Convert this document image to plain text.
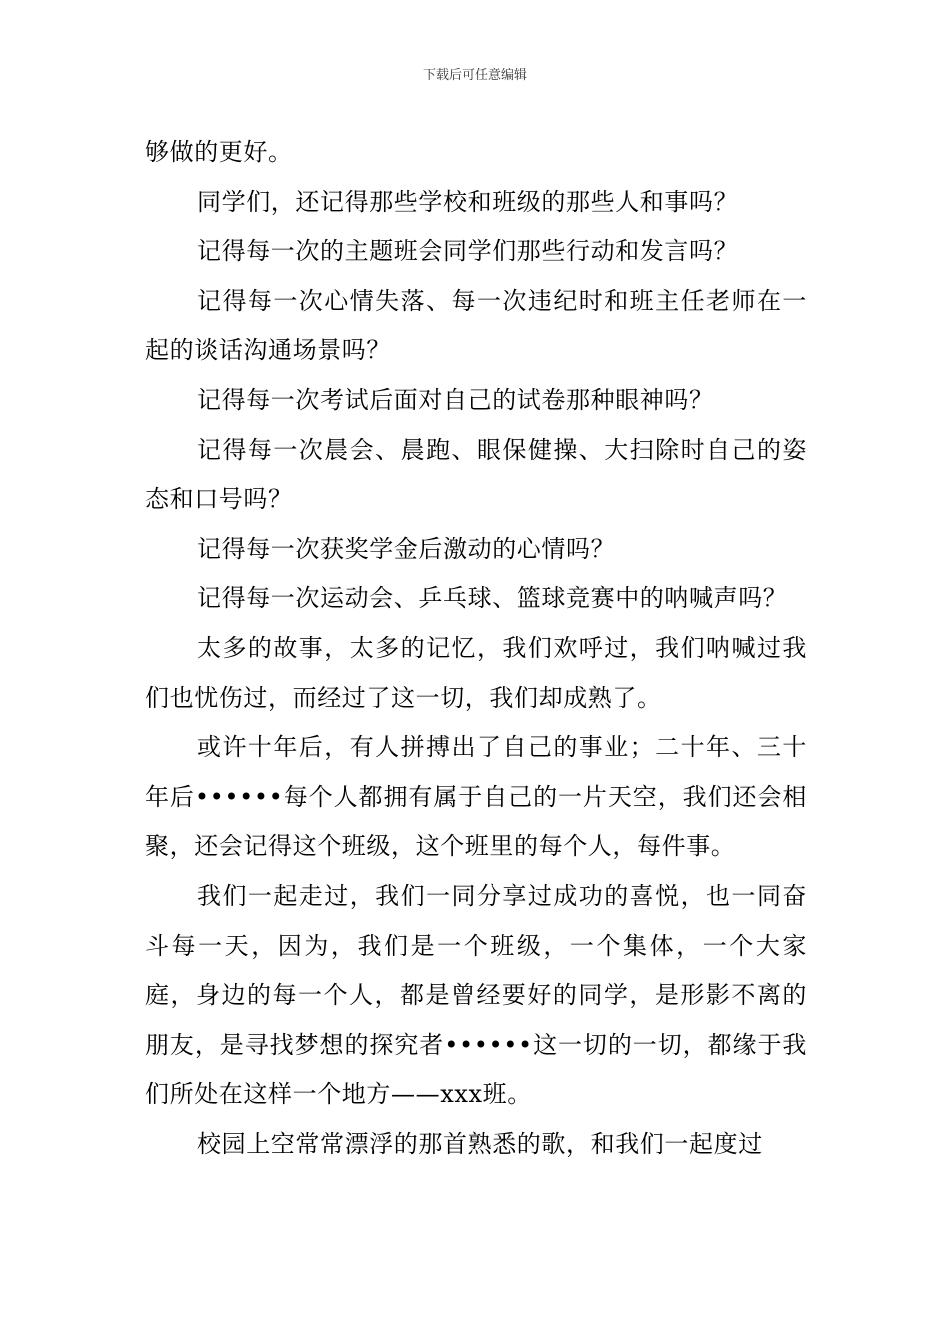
下载后可任意编辑

够做的更好。

同学们，还记得那些学校和班级的那些人和事吗？

记得每一次的主题班会同学们那些行动和发言吗？

记得每一次心情失落、每一次违纪时和班主任老师在一起的谈话沟通场景吗？

记得每一次考试后面对自己的试卷那种眼神吗？

记得每一次晨会、晨跑、眼保健操、大扫除时自己的姿态和口号吗？

记得每一次获奖学金后激动的心情吗？

记得每一次运动会、乒乓球、篮球竞赛中的呐喊声吗？

太多的故事，太多的记忆，我们欢呼过，我们呐喊过我们也忧伤过，而经过了这一切，我们却成熟了。

或许十年后，有人拼搏出了自己的事业；二十年、三十年后••••••每个人都拥有属于自己的一片天空，我们还会相聚，还会记得这个班级，这个班里的每个人，每件事。

我们一起走过，我们一同分享过成功的喜悦，也一同奋斗每一天，因为，我们是一个班级，一个集体，一个大家庭，身边的每一个人，都是曾经要好的同学，是形影不离的朋友，是寻找梦想的探究者••••••这一切的一切，都缘于我们所处在这样一个地方——xxx班。

校园上空常常漂浮的那首熟悉的歌，和我们一起度过
